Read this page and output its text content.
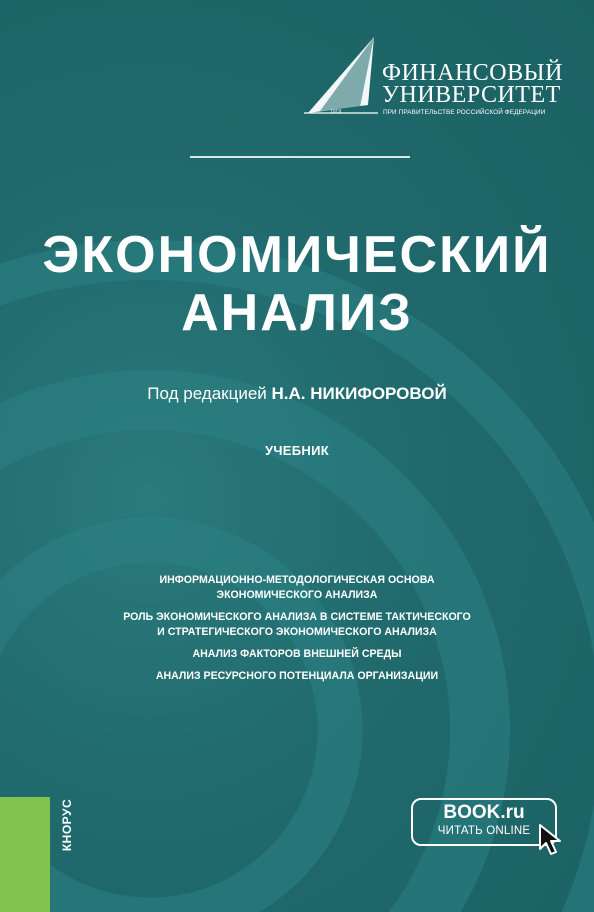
ФИНАНСОВЫЙ
УНИВЕРСИТЕТ
ПРИ ПРАВИТЕЛЬСТВЕ РОССИЙСКОЙ ФЕДЕРАЦИИ
1919
ЭКОНОМИЧЕСКИЙ
АНАЛИЗ
Под редакцией Н.А. НИКИФОРОВОЙ
УЧЕБНИК
ИНФОРМАЦИОННО-МЕТОДОЛОГИЧЕСКАЯ ОСНОВА
ЭКОНОМИЧЕСКОГО АНАЛИЗА
РОЛЬ ЭКОНОМИЧЕСКОГО АНАЛИЗА В СИСТЕМЕ ТАКТИЧЕСКОГО
И СТРАТЕГИЧЕСКОГО ЭКОНОМИЧЕСКОГО АНАЛИЗА
АНАЛИЗ ФАКТОРОВ ВНЕШНЕЙ СРЕДЫ
АНАЛИЗ РЕСУРСНОГО ПОТЕНЦИАЛА ОРГАНИЗАЦИИ
КНОРУС	BOOK.ru
ЧИТАТЬ ONLINE
